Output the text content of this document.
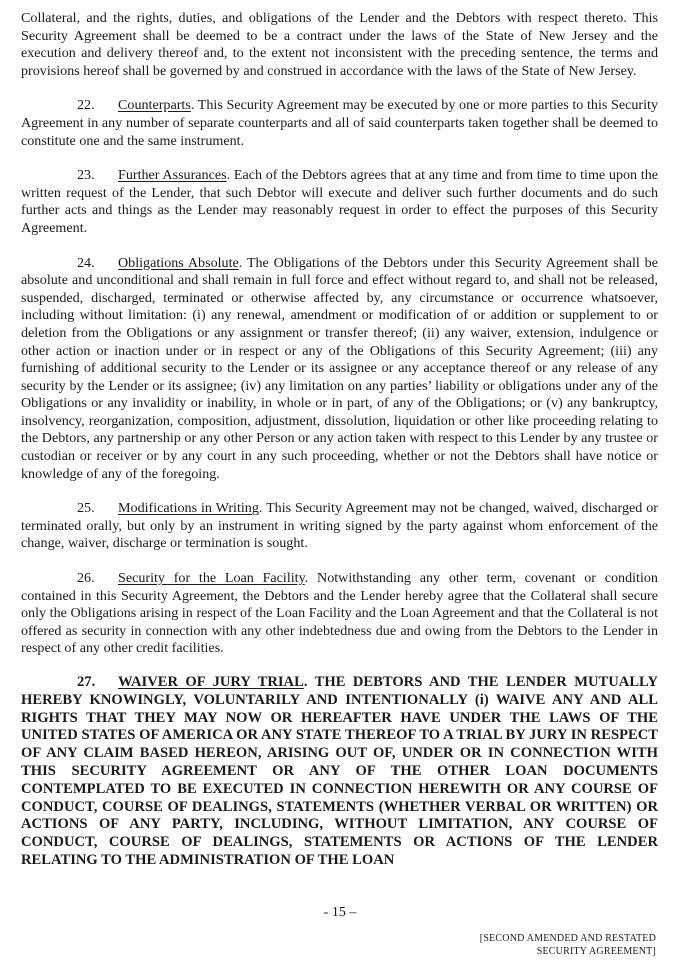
Collateral, and the rights, duties, and obligations of the Lender and the Debtors with respect thereto. This Security Agreement shall be deemed to be a contract under the laws of the State of New Jersey and the execution and delivery thereof and, to the extent not inconsistent with the preceding sentence, the terms and provisions hereof shall be governed by and construed in accordance with the laws of the State of New Jersey.

22. Counterparts. This Security Agreement may be executed by one or more parties to this Security Agreement in any number of separate counterparts and all of said counterparts taken together shall be deemed to constitute one and the same instrument.

23. Further Assurances. Each of the Debtors agrees that at any time and from time to time upon the written request of the Lender, that such Debtor will execute and deliver such further documents and do such further acts and things as the Lender may reasonably request in order to effect the purposes of this Security Agreement.

24. Obligations Absolute. The Obligations of the Debtors under this Security Agreement shall be absolute and unconditional and shall remain in full force and effect without regard to, and shall not be released, suspended, discharged, terminated or otherwise affected by, any circumstance or occurrence whatsoever, including without limitation: (i) any renewal, amendment or modification of or addition or supplement to or deletion from the Obligations or any assignment or transfer thereof; (ii) any waiver, extension, indulgence or other action or inaction under or in respect or any of the Obligations of this Security Agreement; (iii) any furnishing of additional security to the Lender or its assignee or any acceptance thereof or any release of any security by the Lender or its assignee; (iv) any limitation on any parties’ liability or obligations under any of the Obligations or any invalidity or inability, in whole or in part, of any of the Obligations; or (v) any bankruptcy, insolvency, reorganization, composition, adjustment, dissolution, liquidation or other like proceeding relating to the Debtors, any partnership or any other Person or any action taken with respect to this Lender by any trustee or custodian or receiver or by any court in any such proceeding, whether or not the Debtors shall have notice or knowledge of any of the foregoing.

25. Modifications in Writing. This Security Agreement may not be changed, waived, discharged or terminated orally, but only by an instrument in writing signed by the party against whom enforcement of the change, waiver, discharge or termination is sought.

26. Security for the Loan Facility. Notwithstanding any other term, covenant or condition contained in this Security Agreement, the Debtors and the Lender hereby agree that the Collateral shall secure only the Obligations arising in respect of the Loan Facility and the Loan Agreement and that the Collateral is not offered as security in connection with any other indebtedness due and owing from the Debtors to the Lender in respect of any other credit facilities.

27. WAIVER OF JURY TRIAL. THE DEBTORS AND THE LENDER MUTUALLY HEREBY KNOWINGLY, VOLUNTARILY AND INTENTIONALLY (i) WAIVE ANY AND ALL RIGHTS THAT THEY MAY NOW OR HEREAFTER HAVE UNDER THE LAWS OF THE UNITED STATES OF AMERICA OR ANY STATE THEREOF TO A TRIAL BY JURY IN RESPECT OF ANY CLAIM BASED HEREON, ARISING OUT OF, UNDER OR IN CONNECTION WITH THIS SECURITY AGREEMENT OR ANY OF THE OTHER LOAN DOCUMENTS CONTEMPLATED TO BE EXECUTED IN CONNECTION HEREWITH OR ANY COURSE OF CONDUCT, COURSE OF DEALINGS, STATEMENTS (WHETHER VERBAL OR WRITTEN) OR ACTIONS OF ANY PARTY, INCLUDING, WITHOUT LIMITATION, ANY COURSE OF CONDUCT, COURSE OF DEALINGS, STATEMENTS OR ACTIONS OF THE LENDER RELATING TO THE ADMINISTRATION OF THE LOAN

- 15 –
[SECOND AMENDED AND RESTATED
SECURITY AGREEMENT]
